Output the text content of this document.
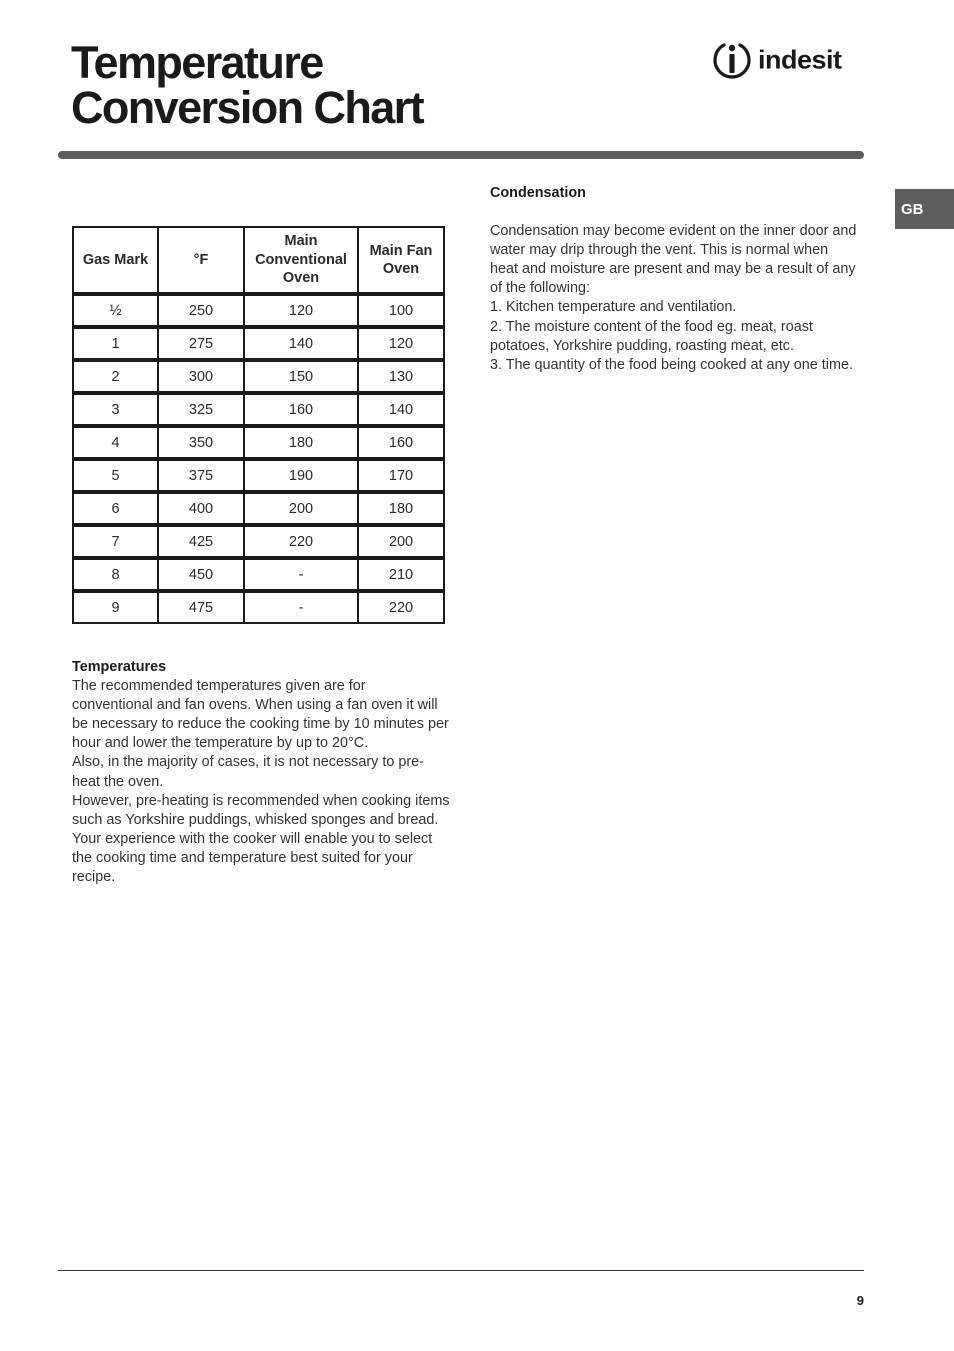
Temperature
Conversion Chart
indesit
GB
Gas Mark	°F	Main Conventional Oven	Main Fan Oven
½	250	120	100
1	275	140	120
2	300	150	130
3	325	160	140
4	350	180	160
5	375	190	170
6	400	200	180
7	425	220	200
8	450	-	210
9	475	-	220
Temperatures

The recommended temperatures given are for conventional and fan ovens. When using a fan oven it will be necessary to reduce the cooking time by 10 minutes per hour and lower the temperature by up to 20°C.

Also, in the majority of cases, it is not necessary to pre-heat the oven.

However, pre-heating is recommended when cooking items such as Yorkshire puddings, whisked sponges and bread. Your experience with the cooker will enable you to select the cooking time and temperature best suited for your recipe.

Condensation

Condensation may become evident on the inner door and water may drip through the vent. This is normal when heat and moisture are present and may be a result of any of the following:

1. Kitchen temperature and ventilation.

2. The moisture content of the food eg. meat, roast potatoes, Yorkshire pudding, roasting meat, etc.

3. The quantity of the food being cooked at any one time.

9
